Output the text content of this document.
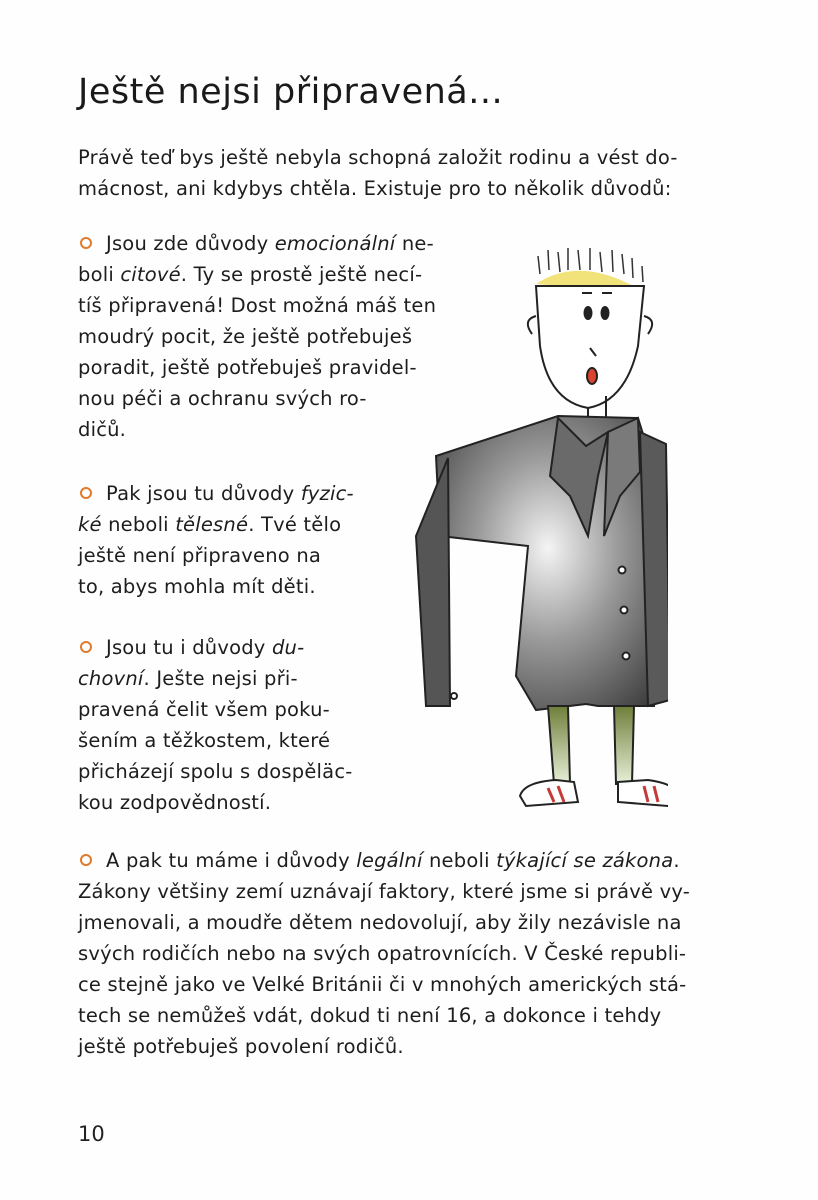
Ještě nejsi připravená...

Právě teď bys ještě nebyla schopná založit rodinu a vést do-
mácnost, ani kdybys chtěla. Existuje pro to několik důvodů:

Jsou zde důvody emocionální ne-
boli citové. Ty se prostě ještě necí-
tíš připravená! Dost možná máš ten
moudrý pocit, že ještě potřebuješ
poradit, ještě potřebuješ pravidel-
nou péči a ochranu svých ro-
dičů.

Pak jsou tu důvody fyzic-
ké neboli tělesné. Tvé tělo
ještě není připraveno na
to, abys mohla mít děti.

Jsou tu i důvody du-
chovní. Ješte nejsi při-
pravená čelit všem poku-
šením a těžkostem, které
přicházejí spolu s dospěläc-
kou zodpovědností.

A pak tu máme i důvody legální neboli týkající se zákona.
Zákony většiny zemí uznávají faktory, které jsme si právě vy-
jmenovali, a moudře dětem nedovolují, aby žily nezávisle na
svých rodičích nebo na svých opatrovnících. V České republi-
ce stejně jako ve Velké Británii či v mnohých amerických stá-
tech se nemůžeš vdát, dokud ti není 16, a dokonce i tehdy
ještě potřebuješ povolení rodičů.

10
